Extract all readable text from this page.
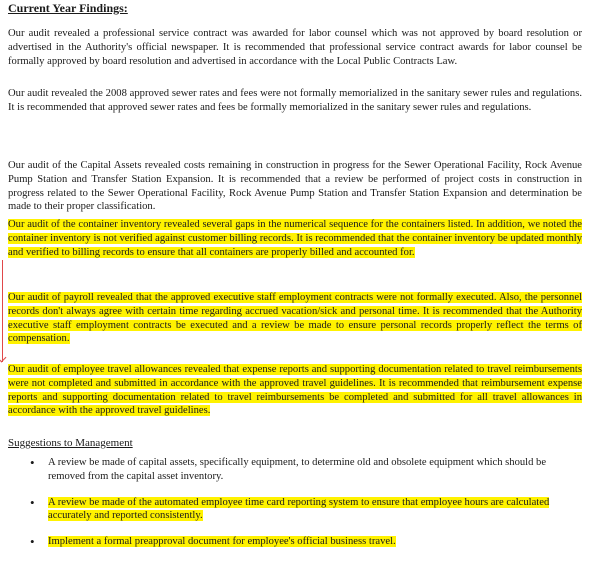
Current Year Findings:

Our audit revealed a professional service contract was awarded for labor counsel which was not approved by board resolution or advertised in the Authority's official newspaper. It is recommended that professional service contract awards for labor counsel be formally approved by board resolution and advertised in accordance with the Local Public Contracts Law.

Our audit revealed the 2008 approved sewer rates and fees were not formally memorialized in the sanitary sewer rules and regulations. It is recommended that approved sewer rates and fees be formally memorialized in the sanitary sewer rules and regulations.

Our audit of the Capital Assets revealed costs remaining in construction in progress for the Sewer Operational Facility, Rock Avenue Pump Station and Transfer Station Expansion. It is recommended that a review be performed of project costs in construction in progress related to the Sewer Operational Facility, Rock Avenue Pump Station and Transfer Station Expansion and determination be made to their proper classification.

Our audit of the container inventory revealed several gaps in the numerical sequence for the containers listed. In addition, we noted the container inventory is not verified against customer billing records. It is recommended that the container inventory be updated monthly and verified to billing records to ensure that all containers are properly billed and accounted for.

Our audit of payroll revealed that the approved executive staff employment contracts were not formally executed. Also, the personnel records don't always agree with certain time regarding accrued vacation/sick and personal time. It is recommended that the Authority executive staff employment contracts be executed and a review be made to ensure personal records properly reflect the terms of compensation.

Our audit of employee travel allowances revealed that expense reports and supporting documentation related to travel reimbursements were not completed and submitted in accordance with the approved travel guidelines. It is recommended that reimbursement expense reports and supporting documentation related to travel reimbursements be completed and submitted for all travel allowances in accordance with the approved travel guidelines.

Suggestions to Management
• A review be made of capital assets, specifically equipment, to determine old and obsolete equipment which should be removed from the capital asset inventory.
• A review be made of the automated employee time card reporting system to ensure that employee hours are calculated accurately and reported consistently.
• Implement a formal preapproval document for employee's official business travel.
